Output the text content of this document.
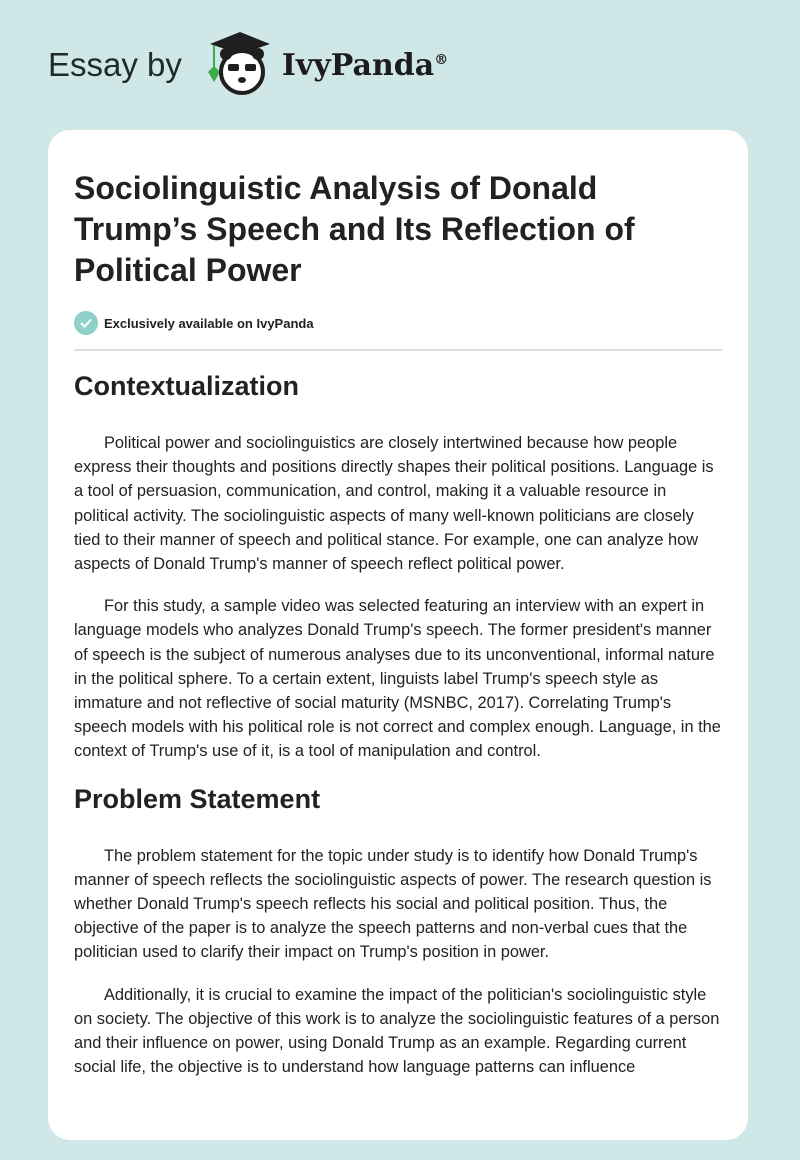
Essay by	IvyPanda®
Sociolinguistic Analysis of Donald Trump’s Speech and Its Reflection of Political Power
Exclusively available on IvyPanda
Contextualization

Political power and sociolinguistics are closely intertwined because how people express their thoughts and positions directly shapes their political positions. Language is a tool of persuasion, communication, and control, making it a valuable resource in political activity. The sociolinguistic aspects of many well-known politicians are closely tied to their manner of speech and political stance. For example, one can analyze how aspects of Donald Trump's manner of speech reflect political power.

For this study, a sample video was selected featuring an interview with an expert in language models who analyzes Donald Trump's speech. The former president's manner of speech is the subject of numerous analyses due to its unconventional, informal nature in the political sphere. To a certain extent, linguists label Trump's speech style as immature and not reflective of social maturity (MSNBC, 2017). Correlating Trump's speech models with his political role is not correct and complex enough. Language, in the context of Trump's use of it, is a tool of manipulation and control.

Problem Statement

The problem statement for the topic under study is to identify how Donald Trump's manner of speech reflects the sociolinguistic aspects of power. The research question is whether Donald Trump's speech reflects his social and political position. Thus, the objective of the paper is to analyze the speech patterns and non-verbal cues that the politician used to clarify their impact on Trump's position in power.

Additionally, it is crucial to examine the impact of the politician's sociolinguistic style on society. The objective of this work is to analyze the sociolinguistic features of a person and their influence on power, using Donald Trump as an example. Regarding current social life, the objective is to understand how language patterns can influence
